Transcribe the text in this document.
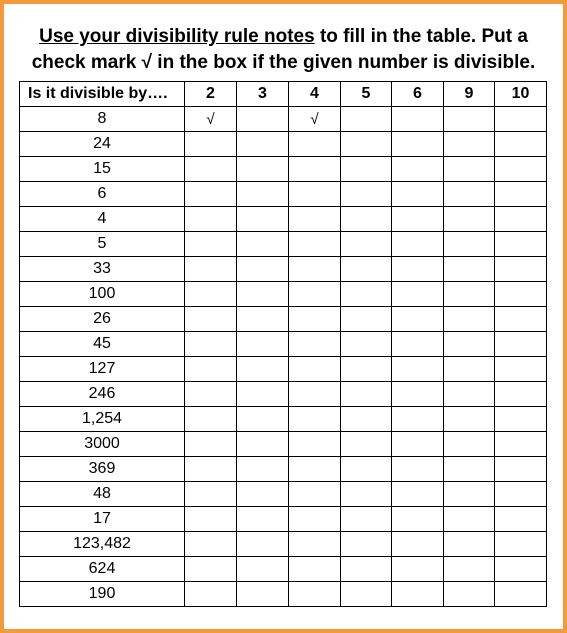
Use your divisibility rule notes to fill in the table. Put a
check mark √ in the box if the given number is divisible.
Is it divisible by….	2	3	4	5	6	9	10
8	√		√				
24							
15							
6							
4							
5							
33							
100							
26							
45							
127							
246							
1,254							
3000							
369							
48							
17							
123,482							
624							
190							
